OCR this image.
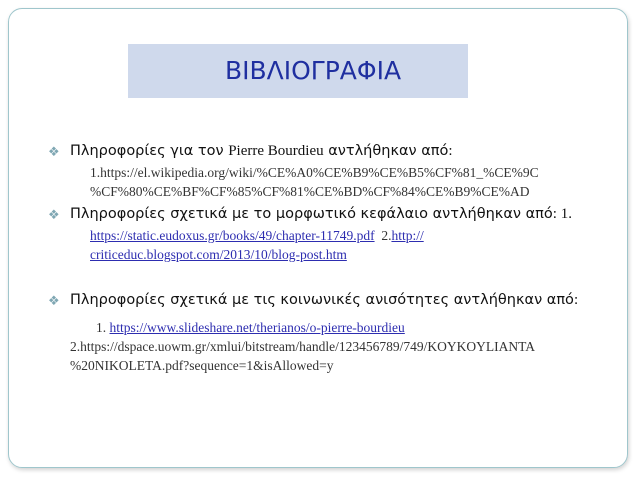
ΒΙΒΛΙΟΓΡΑΦΙΑ
❖ Πληροφορίες για τον Pierre Bourdieu αντλήθηκαν από:
1.https://el.wikipedia.org/wiki/%CE%A0%CE%B9%CE%B5%CF%81_%CE%9C
%CF%80%CE%BF%CF%85%CF%81%CE%BD%CF%84%CE%B9%CE%AD
❖ Πληροφορίες σχετικά με το μορφωτικό κεφάλαιο αντλήθηκαν από: 1.
https://static.eudoxus.gr/books/49/chapter-11749.pdf 2.http://
criticeduc.blogspot.com/2013/10/blog-post.htm
❖ Πληροφορίες σχετικά με τις κοινωνικές ανισότητες αντλήθηκαν από:
1. https://www.slideshare.net/therianos/o-pierre-bourdieu
2.https://dspace.uowm.gr/xmlui/bitstream/handle/123456789/749/KOYKOYLIANTA
%20NIKOLETA.pdf?sequence=1&isAllowed=y
